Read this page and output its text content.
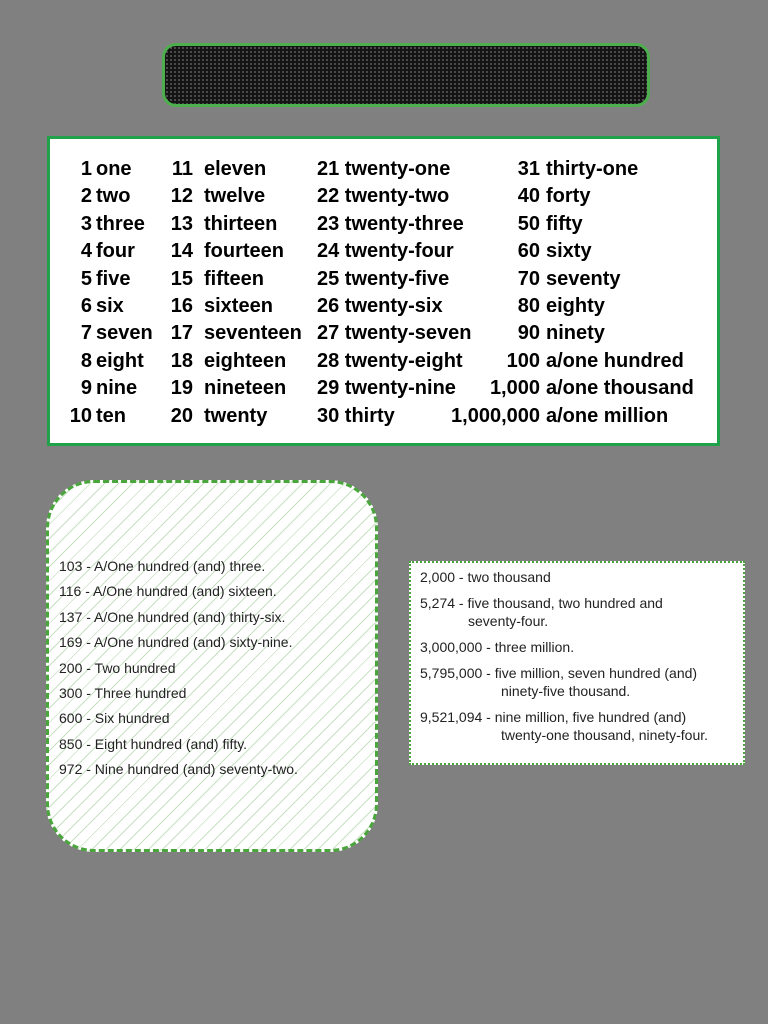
1 one 11 eleven	21 twenty-one	31 thirty-one
2 two 12 twelve	22 twenty-two	40 forty
3 three 13 thirteen 23 twenty-three	50 fifty
4 four 14 fourteen 24 twenty-four	60 sixty
5 five 15 fifteen	25 twenty-five	70 seventy
6 six 16 sixteen 26 twenty-six	80 eighty
7 seven 17 seventeen 27 twenty-seven 90 ninety
8 eight 18 eighteen 28 twenty-eight 100 a/one hundred
9 nine 19 nineteen 29 twenty-nine 1,000 a/one thousand
10 ten 20 twenty 30 thirty	1,000,000 a/one million
103 - A/One hundred (and) three.
116 - A/One hundred (and) sixteen.
137 - A/One hundred (and) thirty-six.
169 - A/One hundred (and) sixty-nine.
200 - Two hundred
300 - Three hundred
600 - Six hundred
850 - Eight hundred (and) fifty.
972 - Nine hundred (and) seventy-two.
2,000 - two thousand
5,274 - five thousand, two hundred and
seventy-four.
3,000,000 - three million.
5,795,000 - five million, seven hundred (and)
ninety-five thousand.
9,521,094 - nine million, five hundred (and)
twenty-one thousand, ninety-four.
